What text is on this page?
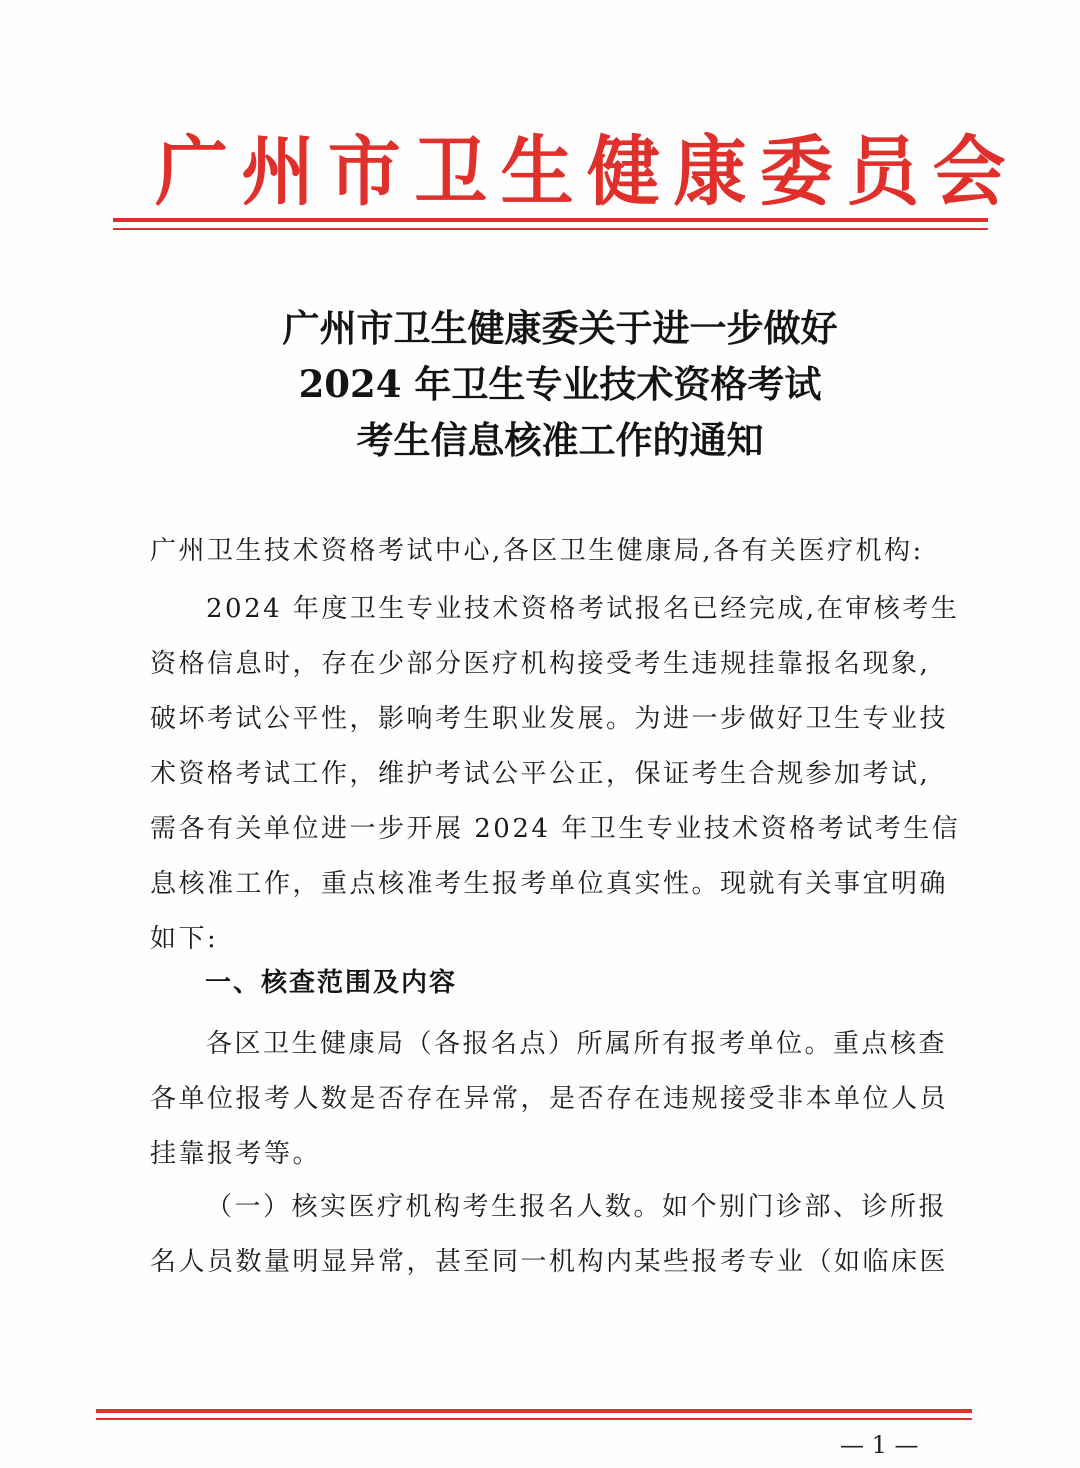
广州市卫生健康委员会
广州市卫生健康委关于进一步做好
2024 年卫生专业技术资格考试
考生信息核准工作的通知
广州卫生技术资格考试中心,各区卫生健康局,各有关医疗机构:
2024 年度卫生专业技术资格考试报名已经完成,在审核考生
资格信息时，存在少部分医疗机构接受考生违规挂靠报名现象,
破坏考试公平性，影响考生职业发展。为进一步做好卫生专业技
术资格考试工作，维护考试公平公正，保证考生合规参加考试,
需各有关单位进一步开展 2024 年卫生专业技术资格考试考生信
息核准工作，重点核准考生报考单位真实性。现就有关事宜明确
如下:
一、核查范围及内容
各区卫生健康局（各报名点）所属所有报考单位。重点核查
各单位报考人数是否存在异常，是否存在违规接受非本单位人员
挂靠报考等。
（一）核实医疗机构考生报名人数。如个别门诊部、诊所报
名人员数量明显异常，甚至同一机构内某些报考专业（如临床医
— 1 —
